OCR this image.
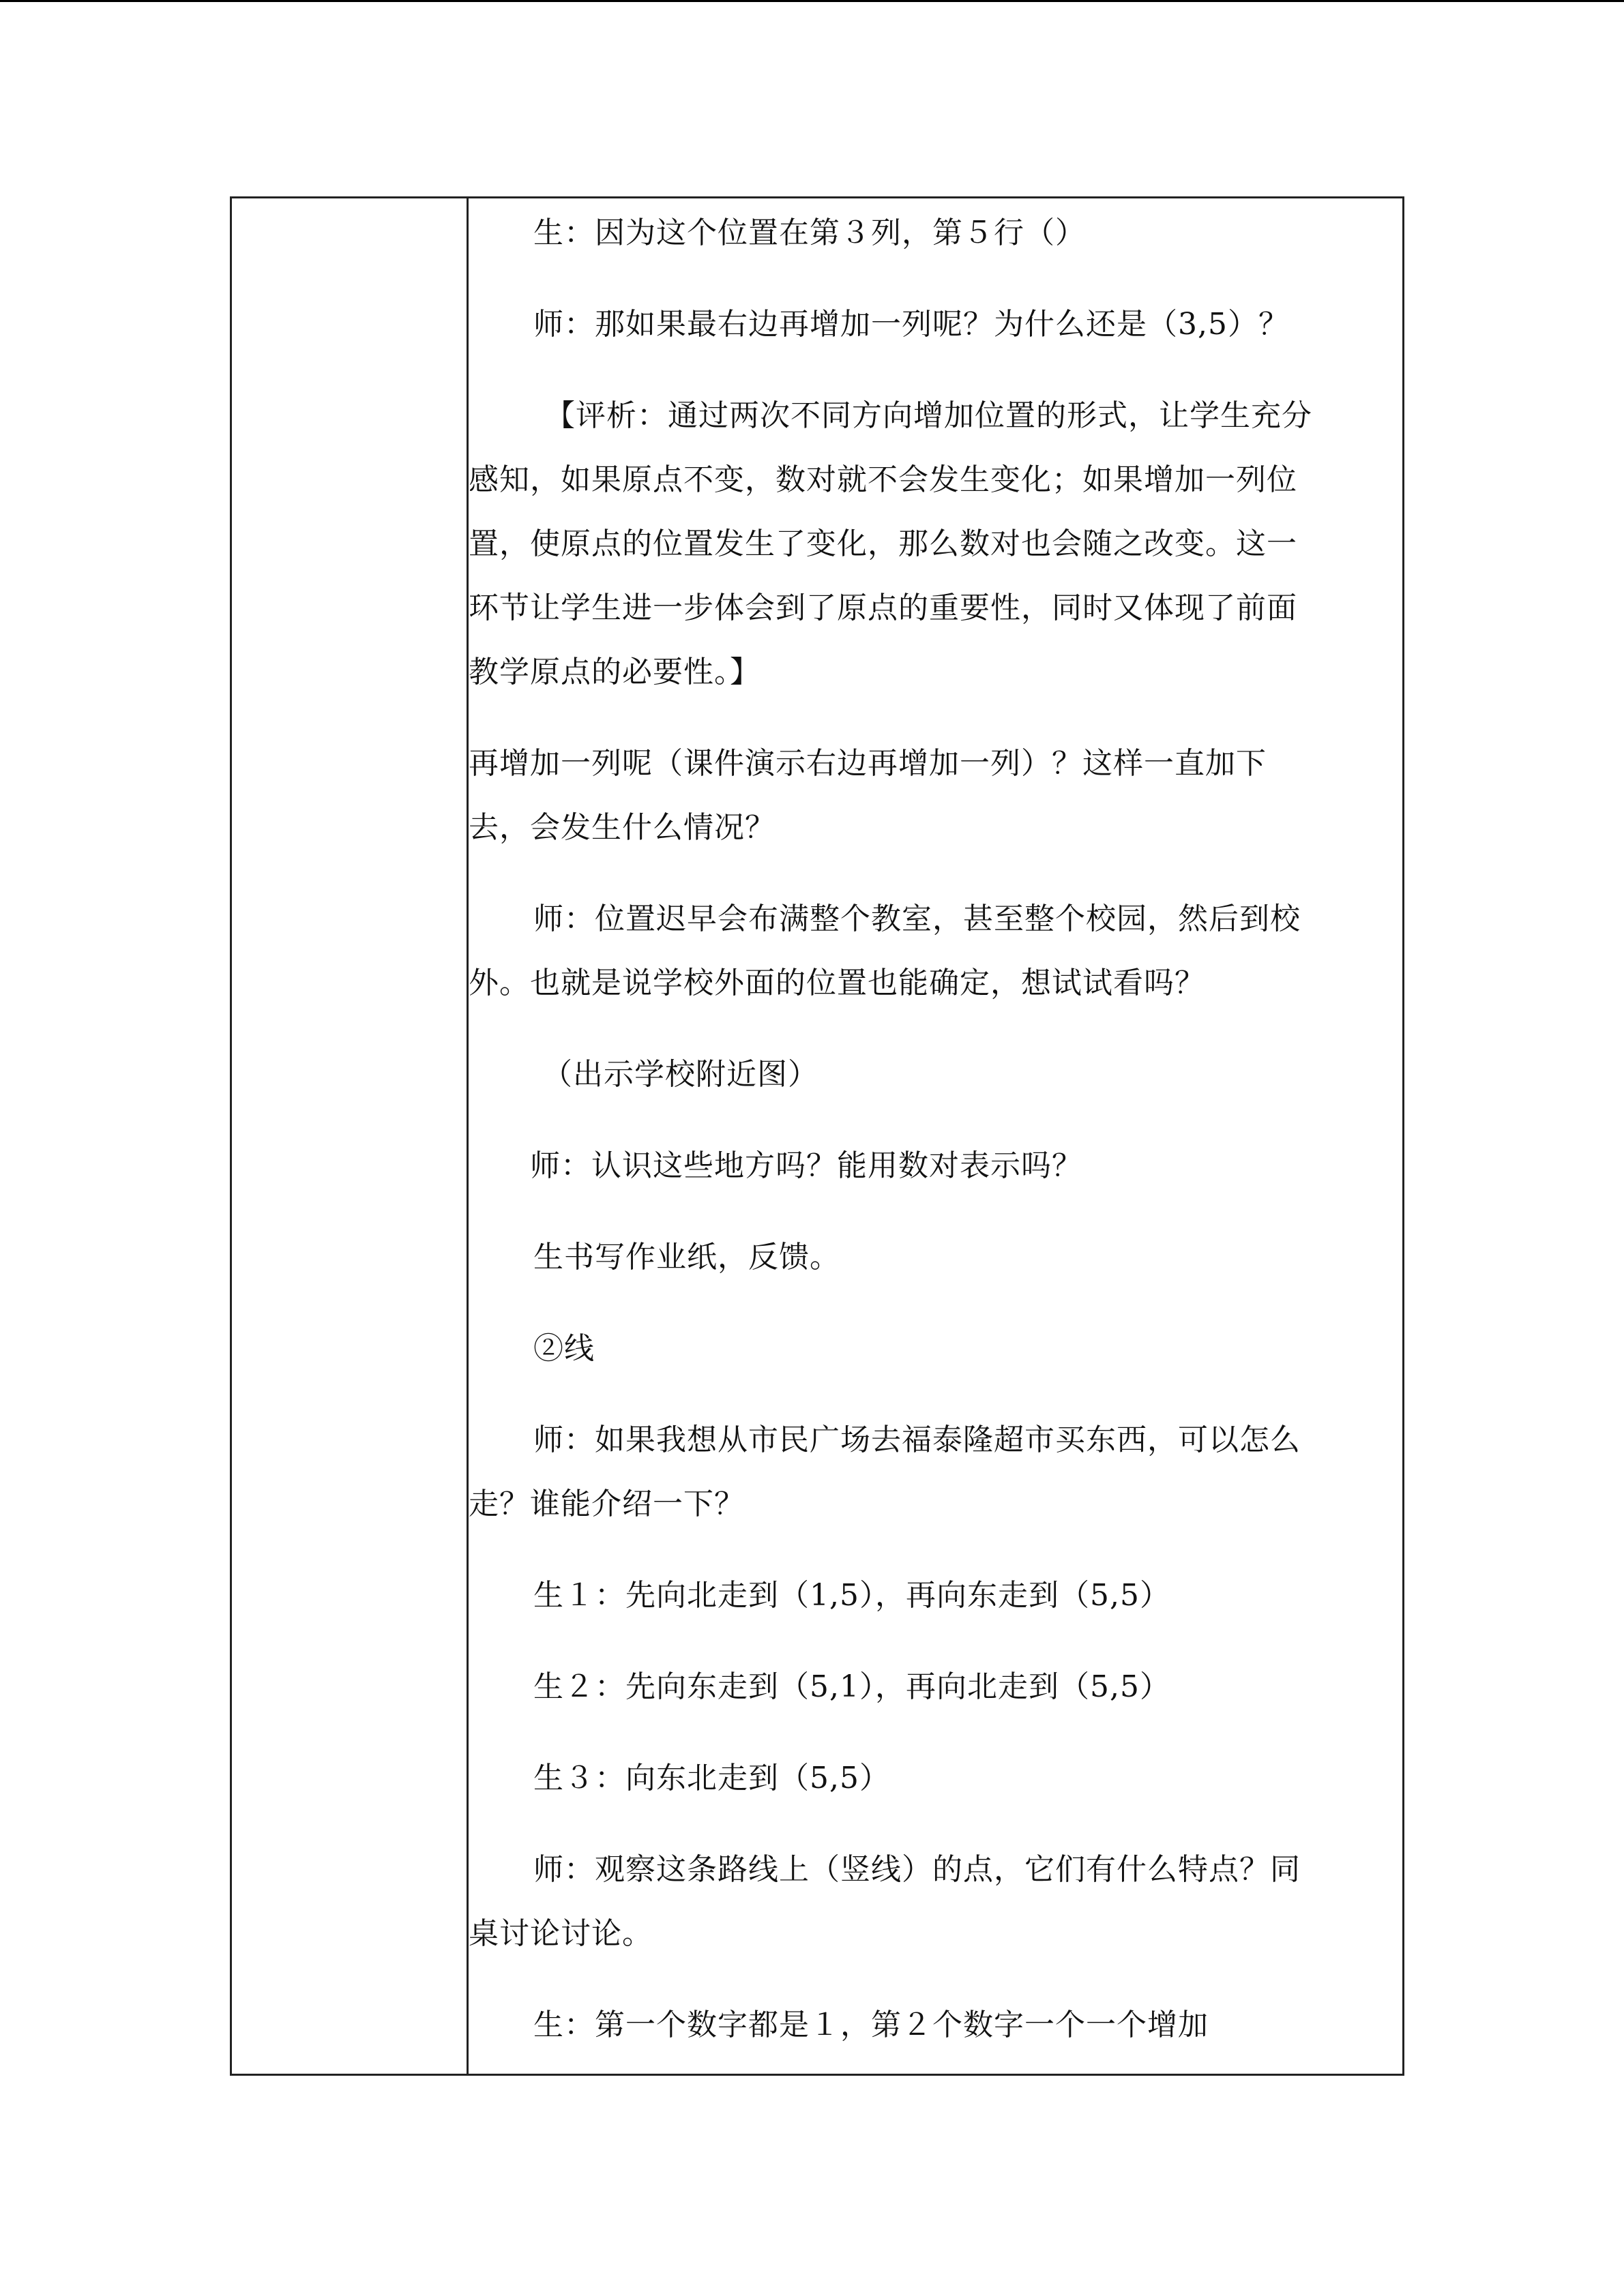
生：因为这个位置在第３列，第５行（）

师：那如果最右边再增加一列呢？为什么还是（3,5）？

【评析：通过两次不同方向增加位置的形式，让学生充分

感知，如果原点不变，数对就不会发生变化；如果增加一列位

置，使原点的位置发生了变化，那么数对也会随之改变。这一

环节让学生进一步体会到了原点的重要性，同时又体现了前面

教学原点的必要性。】

再增加一列呢（课件演示右边再增加一列）？这样一直加下

去，会发生什么情况？

师：位置迟早会布满整个教室，甚至整个校园，然后到校

外。也就是说学校外面的位置也能确定，想试试看吗？

（出示学校附近图）

师：认识这些地方吗？能用数对表示吗？

生书写作业纸，反馈。

②线

师：如果我想从市民广场去福泰隆超市买东西，可以怎么

走？谁能介绍一下？

生１：先向北走到（1,5），再向东走到（5,5）

生２：先向东走到（5,1），再向北走到（5,5）

生３：向东北走到（5,5）

师：观察这条路线上（竖线）的点，它们有什么特点？同

桌讨论讨论。

生：第一个数字都是１，第２个数字一个一个增加
